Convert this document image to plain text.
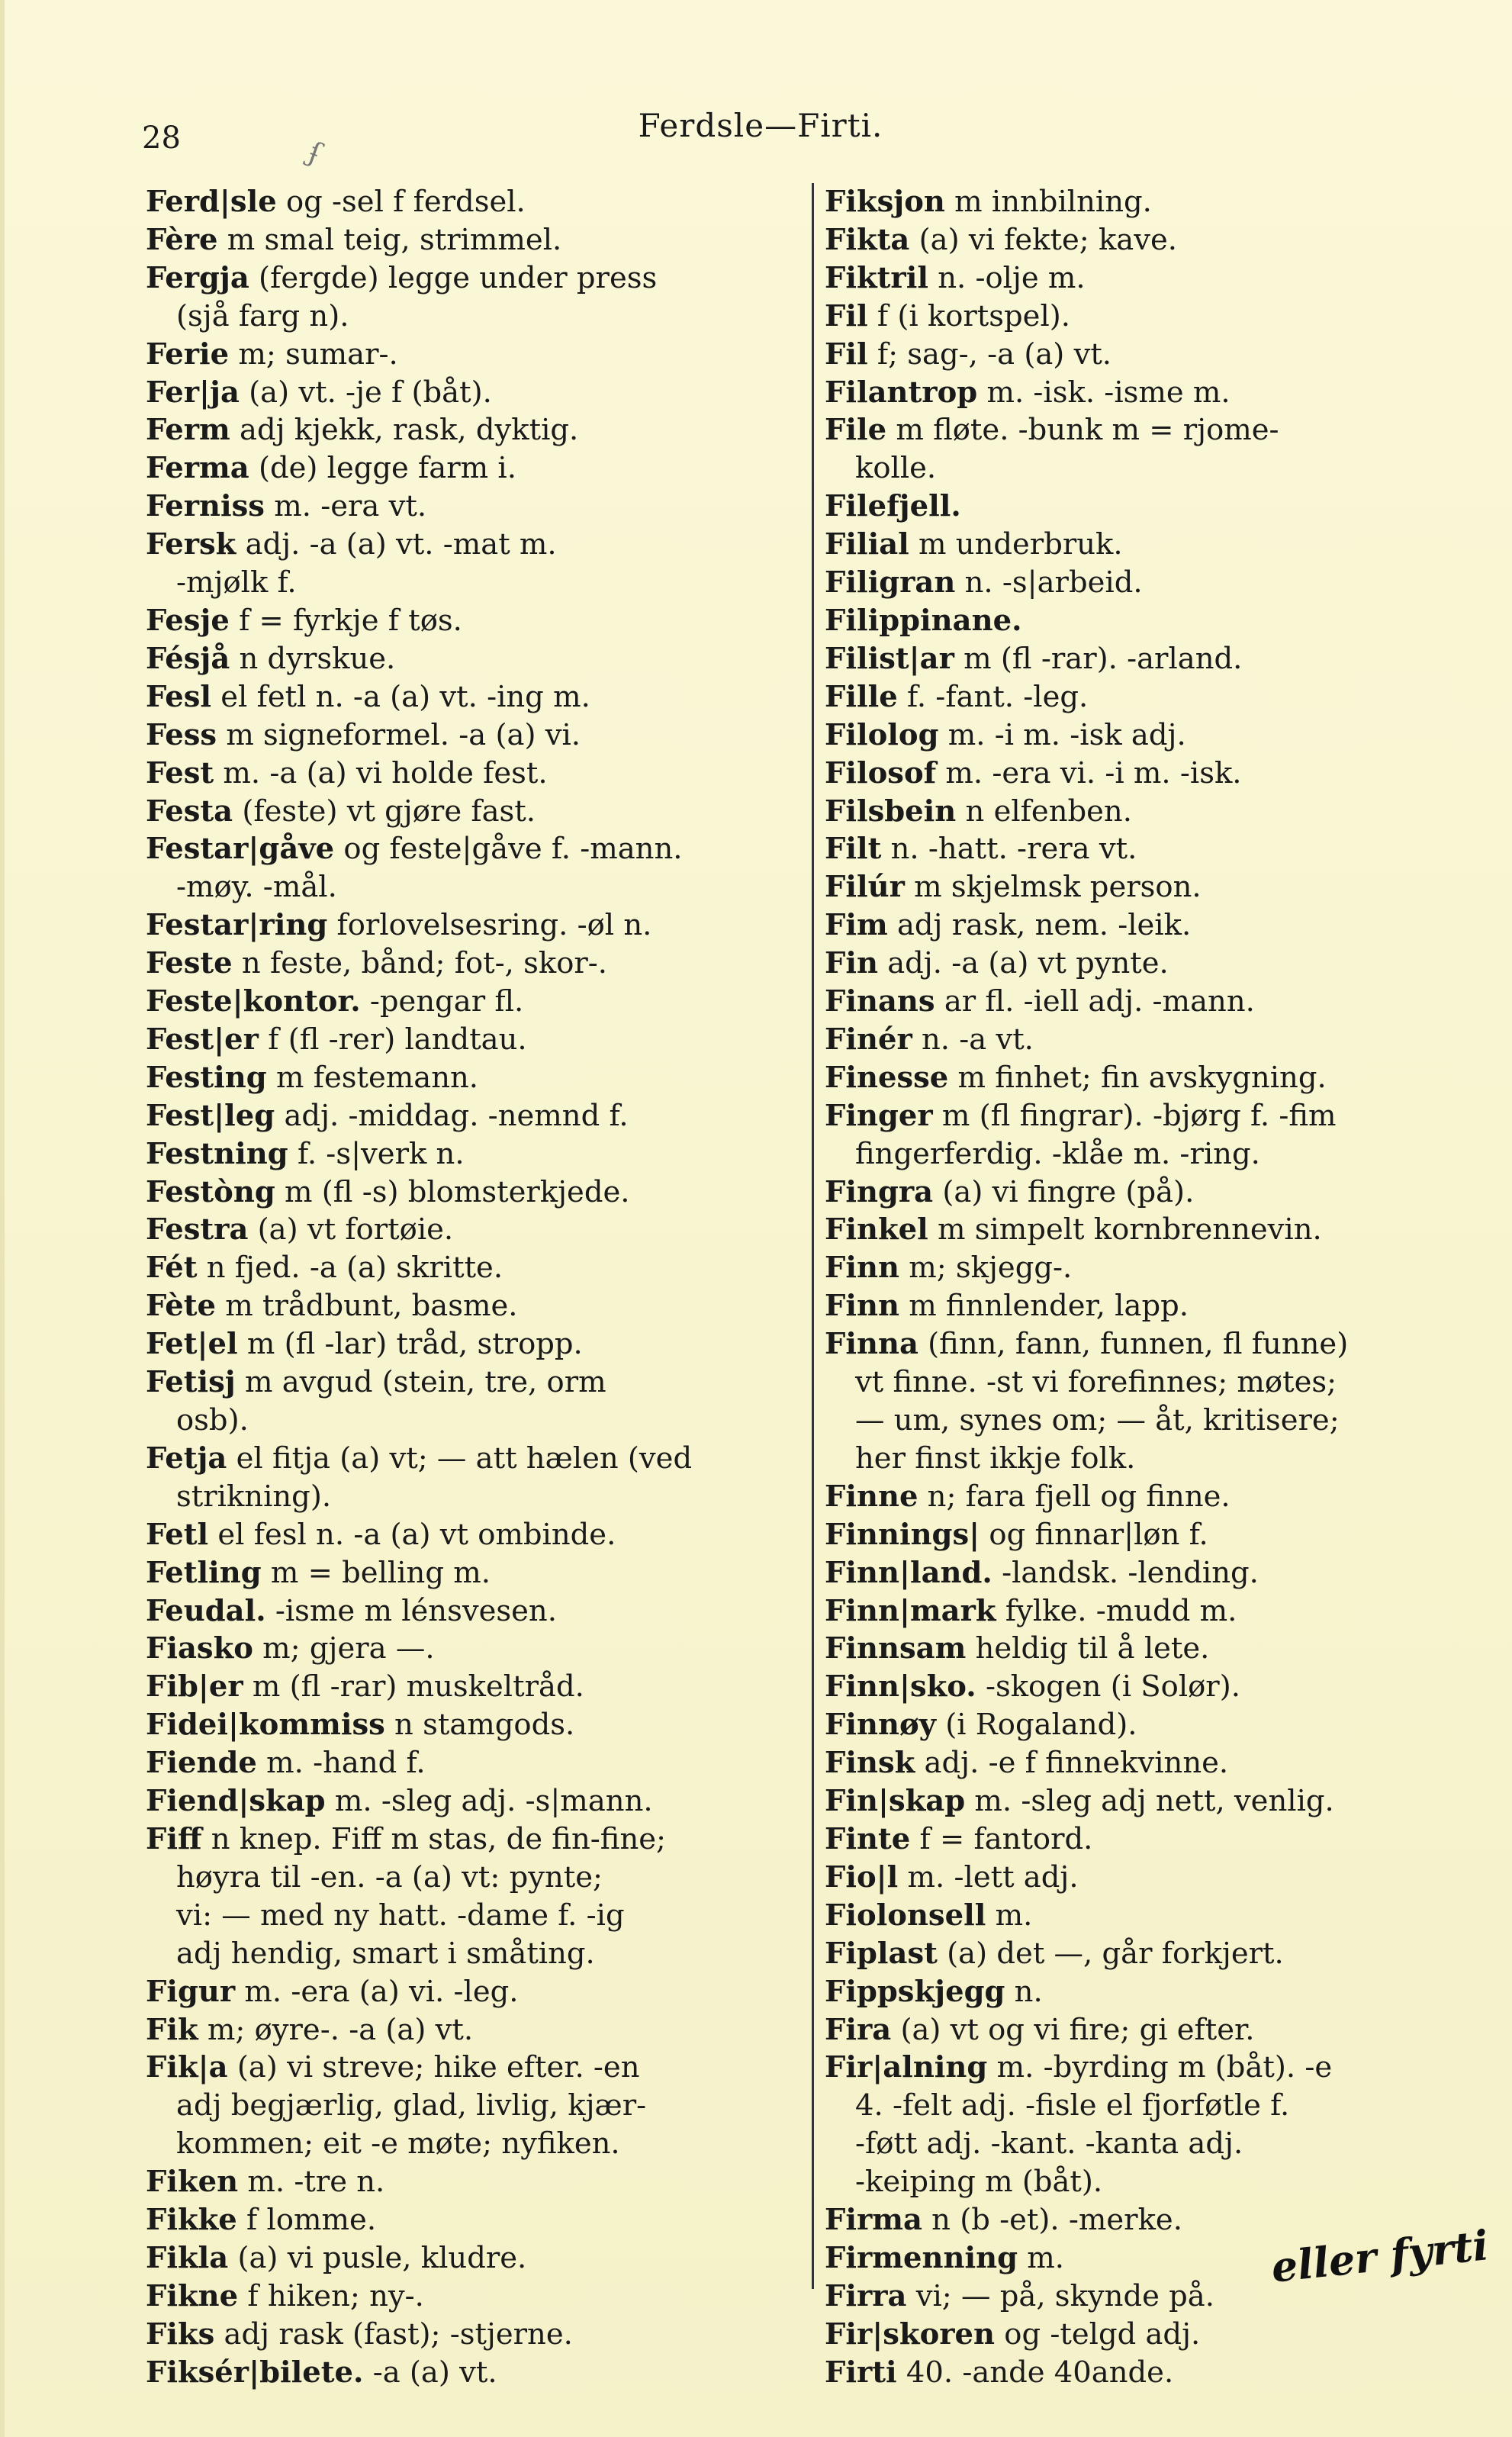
28	Ferdsle—Firti.
ʄ
Ferd|sle og -sel f ferdsel.
Fère m smal teig, strimmel.
Fergja (fergde) legge under press
(sjå farg n).
Ferie m; sumar-.
Fer|ja (a) vt. -je f (båt).
Ferm adj kjekk, rask, dyktig.
Ferma (de) legge farm i.
Ferniss m. -era vt.
Fersk adj. -a (a) vt. -mat m.
-mjølk f.
Fesje f = fyrkje f tøs.
Fésjå n dyrskue.
Fesl el fetl n. -a (a) vt. -ing m.
Fess m signeformel. -a (a) vi.
Fest m. -a (a) vi holde fest.
Festa (feste) vt gjøre fast.
Festar|gåve og feste|gåve f. -mann.
-møy. -mål.
Festar|ring forlovelsesring. -øl n.
Feste n feste, bånd; fot-, skor-.
Feste|kontor. -pengar fl.
Fest|er f (fl -rer) landtau.
Festing m festemann.
Fest|leg adj. -middag. -nemnd f.
Festning f. -s|verk n.
Festòng m (fl -s) blomsterkjede.
Festra (a) vt fortøie.
Fét n fjed. -a (a) skritte.
Fète m trådbunt, basme.
Fet|el m (fl -lar) tråd, stropp.
Fetisj m avgud (stein, tre, orm
osb).
Fetja el fitja (a) vt; — att hælen (ved
strikning).
Fetl el fesl n. -a (a) vt ombinde.
Fetling m = belling m.
Feudal. -isme m lénsvesen.
Fiasko m; gjera —.
Fib|er m (fl -rar) muskeltråd.
Fidei|kommiss n stamgods.
Fiende m. -hand f.
Fiend|skap m. -sleg adj. -s|mann.
Fiff n knep. Fiff m stas, de fin-fine;
høyra til -en. -a (a) vt: pynte;
vi: — med ny hatt. -dame f. -ig
adj hendig, smart i småting.
Figur m. -era (a) vi. -leg.
Fik m; øyre-. -a (a) vt.
Fik|a (a) vi streve; hike efter. -en
adj begjærlig, glad, livlig, kjær-
kommen; eit -e møte; nyfiken.
Fiken m. -tre n.
Fikke f lomme.
Fikla (a) vi pusle, kludre.
Fikne f hiken; ny-.
Fiks adj rask (fast); -stjerne.
Fiksér|bilete. -a (a) vt.
Fiksjon m innbilning.
Fikta (a) vi fekte; kave.
Fiktril n. -olje m.
Fil f (i kortspel).
Fil f; sag-, -a (a) vt.
Filantrop m. -isk. -isme m.
File m fløte. -bunk m = rjome-
kolle.
Filefjell.
Filial m underbruk.
Filigran n. -s|arbeid.
Filippinane.
Filist|ar m (fl -rar). -arland.
Fille f. -fant. -leg.
Filolog m. -i m. -isk adj.
Filosof m. -era vi. -i m. -isk.
Filsbein n elfenben.
Filt n. -hatt. -rera vt.
Filúr m skjelmsk person.
Fim adj rask, nem. -leik.
Fin adj. -a (a) vt pynte.
Finans ar fl. -iell adj. -mann.
Finér n. -a vt.
Finesse m finhet; fin avskygning.
Finger m (fl fingrar). -bjørg f. -fim
fingerferdig. -klåe m. -ring.
Fingra (a) vi fingre (på).
Finkel m simpelt kornbrennevin.
Finn m; skjegg-.
Finn m finnlender, lapp.
Finna (finn, fann, funnen, fl funne)
vt finne. -st vi forefinnes; møtes;
— um, synes om; — åt, kritisere;
her finst ikkje folk.
Finne n; fara fjell og finne.
Finnings| og finnar|løn f.
Finn|land. -landsk. -lending.
Finn|mark fylke. -mudd m.
Finnsam heldig til å lete.
Finn|sko. -skogen (i Solør).
Finnøy (i Rogaland).
Finsk adj. -e f finnekvinne.
Fin|skap m. -sleg adj nett, venlig.
Finte f = fantord.
Fio|l m. -lett adj.
Fiolonsell m.
Fiplast (a) det —, går forkjert.
Fippskjegg n.
Fira (a) vt og vi fire; gi efter.
Fir|alning m. -byrding m (båt). -e
4. -felt adj. -fisle el fjorføtle f.
-føtt adj. -kant. -kanta adj.
-keiping m (båt).
Firma n (b -et). -merke.
Firmenning m.
Firra vi; — på, skynde på.
Fir|skoren og -telgd adj.
Firti 40. -ande 40ande.
eller fyrti
